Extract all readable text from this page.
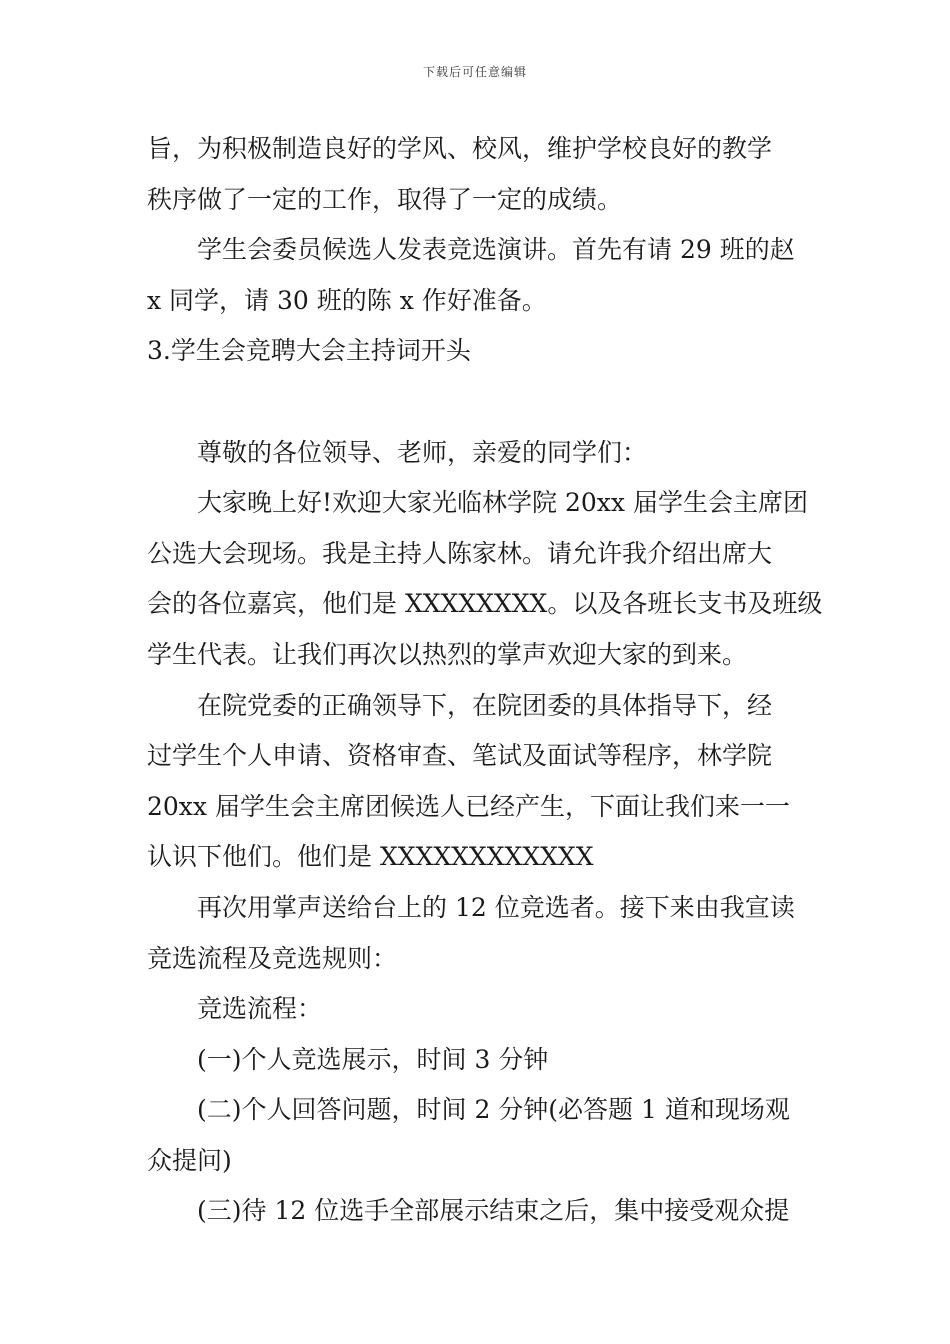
下载后可任意编辑
旨，为积极制造良好的学风、校风，维护学校良好的教学
秩序做了一定的工作，取得了一定的成绩。
学生会委员候选人发表竞选演讲。首先有请 29 班的赵
x 同学，请 30 班的陈 x 作好准备。
3.学生会竞聘大会主持词开头
尊敬的各位领导、老师，亲爱的同学们：
大家晚上好!欢迎大家光临林学院 20xx 届学生会主席团
公选大会现场。我是主持人陈家林。请允许我介绍出席大
会的各位嘉宾，他们是 XXXXXXXX。以及各班长支书及班级
学生代表。让我们再次以热烈的掌声欢迎大家的到来。
在院党委的正确领导下，在院团委的具体指导下，经
过学生个人申请、资格审查、笔试及面试等程序，林学院
20xx 届学生会主席团候选人已经产生，下面让我们来一一
认识下他们。他们是 XXXXXXXXXXXX
再次用掌声送给台上的 12 位竞选者。接下来由我宣读
竞选流程及竞选规则：
竞选流程：
(一)个人竞选展示，时间 3 分钟
(二)个人回答问题，时间 2 分钟(必答题 1 道和现场观
众提问)
(三)待 12 位选手全部展示结束之后，集中接受观众提
